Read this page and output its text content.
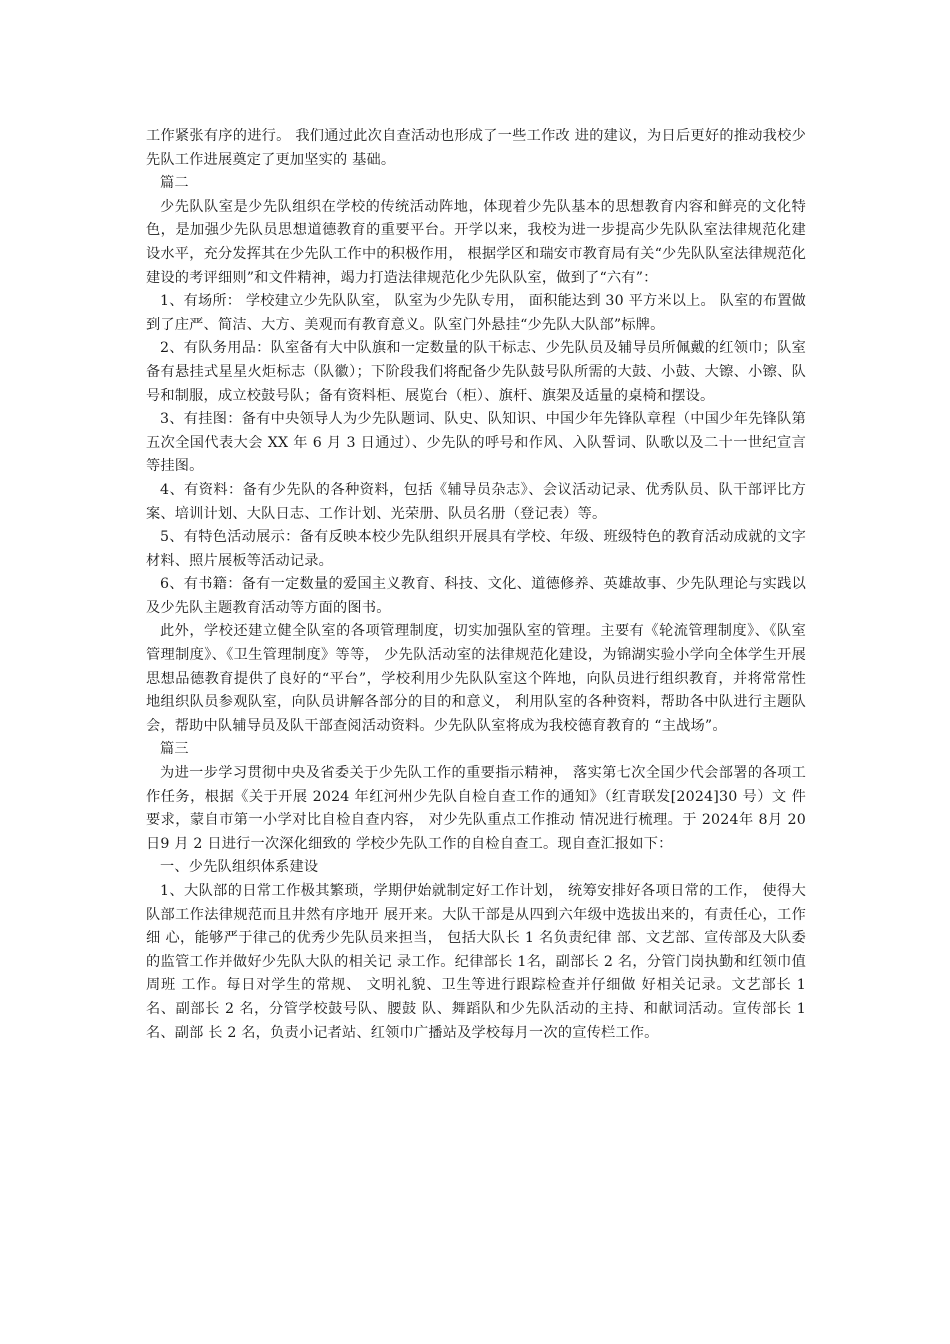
工作紧张有序的进行。 我们通过此次自查活动也形成了一些工作改 进的建议，为日后更好的推动我校少先队工作进展奠定了更加坚实的 基础。

篇二

少先队队室是少先队组织在学校的传统活动阵地，体现着少先队基本的思想教育内容和鲜亮的文化特色，是加强少先队员思想道德教育的重要平台。开学以来，我校为进一步提高少先队队室法律规范化建设水平，充分发挥其在少先队工作中的积极作用， 根据学区和瑞安市教育局有关“少先队队室法律规范化建设的考评细则”和文件精神，竭力打造法律规范化少先队队室，做到了“六有”：

1、有场所： 学校建立少先队队室， 队室为少先队专用， 面积能达到 30 平方米以上。 队室的布置做到了庄严、简洁、大方、美观而有教育意义。队室门外悬挂“少先队大队部”标牌。

2、有队务用品：队室备有大中队旗和一定数量的队干标志、少先队员及辅导员所佩戴的红领巾；队室备有悬挂式星星火炬标志（队徽）；下阶段我们将配备少先队鼓号队所需的大鼓、小鼓、大镲、小镲、队号和制服，成立校鼓号队；备有资料柜、展览台（柜）、旗杆、旗架及适量的桌椅和摆设。

3、有挂图：备有中央领导人为少先队题词、队史、队知识、中国少年先锋队章程（中国少年先锋队第五次全国代表大会 XX 年 6 月 3 日通过）、少先队的呼号和作风、入队誓词、队歌以及二十一世纪宣言等挂图。

4、有资料：备有少先队的各种资料，包括《辅导员杂志》、会议活动记录、优秀队员、队干部评比方案、培训计划、大队日志、工作计划、光荣册、队员名册（登记表）等。

5、有特色活动展示：备有反映本校少先队组织开展具有学校、年级、班级特色的教育活动成就的文字材料、照片展板等活动记录。

6、有书籍：备有一定数量的爱国主义教育、科技、文化、道德修养、英雄故事、少先队理论与实践以及少先队主题教育活动等方面的图书。

此外，学校还建立健全队室的各项管理制度，切实加强队室的管理。主要有《轮流管理制度》、《队室管理制度》、《卫生管理制度》等等， 少先队活动室的法律规范化建设，为锦湖实验小学向全体学生开展思想品德教育提供了良好的“平台”，学校利用少先队队室这个阵地，向队员进行组织教育，并将常常性地组织队员参观队室，向队员讲解各部分的目的和意义， 利用队室的各种资料，帮助各中队进行主题队会，帮助中队辅导员及队干部查阅活动资料。少先队队室将成为我校德育教育的 “主战场”。

篇三

为进一步学习贯彻中央及省委关于少先队工作的重要指示精神， 落实第七次全国少代会部署的各项工作任务，根据《关于开展 2024 年红河州少先队自检自查工作的通知》（红青联发[2024]30 号）文 件要求，蒙自市第一小学对比自检自查内容， 对少先队重点工作推动 情况进行梳理。于 2024年 8月 20 日9 月 2 日进行一次深化细致的 学校少先队工作的自检自查工。现自查汇报如下：

一、少先队组织体系建设

1、大队部的日常工作极其繁琐，学期伊始就制定好工作计划， 统筹安排好各项日常的工作， 使得大队部工作法律规范而且井然有序地开 展开来。大队干部是从四到六年级中选拔出来的，有责任心，工作细 心，能够严于律己的优秀少先队员来担当， 包括大队长 1 名负责纪律 部、文艺部、宣传部及大队委的监管工作并做好少先队大队的相关记 录工作。纪律部长 1名，副部长 2 名，分管门岗执勤和红领巾值周班 工作。每日对学生的常规、 文明礼貌、卫生等进行跟踪检查并仔细做 好相关记录。文艺部长 1 名、副部长 2 名，分管学校鼓号队、腰鼓 队、舞蹈队和少先队活动的主持、和献词活动。宣传部长 1 名、副部 长 2 名，负责小记者站、红领巾广播站及学校每月一次的宣传栏工作。
